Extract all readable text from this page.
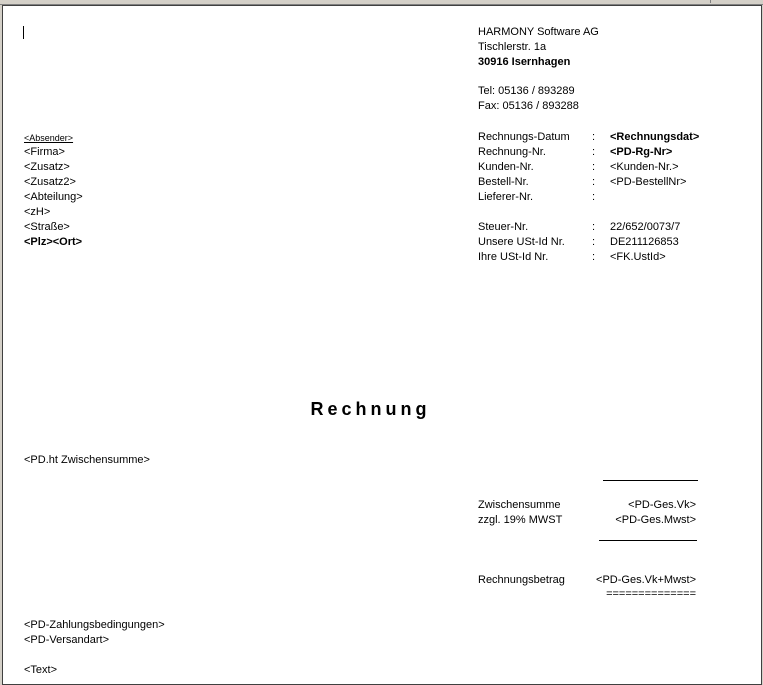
HARMONY Software AG
Tischlerstr. 1a
30916 Isernhagen
Tel: 05136 / 893289
Fax: 05136 / 893288
<Absender>
<Firma>
<Zusatz>
<Zusatz2>
<Abteilung>
<zH>
<Straße>
<Plz><Ort>
Rechnungs-Datum : <Rechnungsdat>
Rechnung-Nr.	: <PD-Rg-Nr>
Kunden-Nr.	: <Kunden-Nr.>
Bestell-Nr.	: <PD-BestellNr>
Lieferer-Nr.	:
Steuer-Nr.	: 22/652/0073/7
Unsere USt-Id Nr. : DE211126853
Ihre USt-Id Nr.	: <FK.UstId>
Rechnung
<PD.ht Zwischensumme>
Zwischensumme	<PD-Ges.Vk>
zzgl. 19% MWST	<PD-Ges.Mwst>
Rechnungsbetrag	<PD-Ges.Vk+Mwst>
==============
<PD-Zahlungsbedingungen>
<PD-Versandart>
<Text>
